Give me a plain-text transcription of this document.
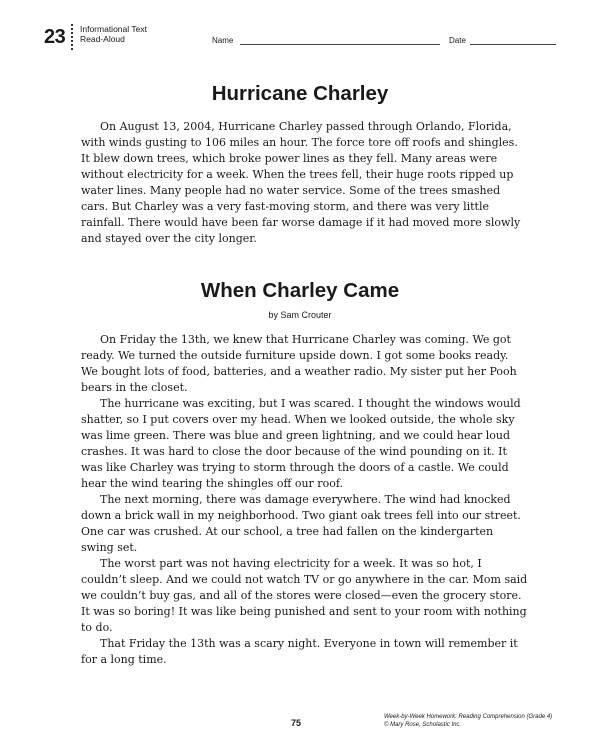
23 Informational Text
Read-Aloud	Name	Date
Hurricane Charley

On August 13, 2004, Hurricane Charley passed through Orlando, Florida, with winds gusting to 106 miles an hour. The force tore off roofs and shingles. It blew down trees, which broke power lines as they fell. Many areas were without electricity for a week. When the trees fell, their huge roots ripped up water lines. Many people had no water service. Some of the trees smashed cars. But Charley was a very fast-moving storm, and there was very little rainfall. There would have been far worse damage if it had moved more slowly and stayed over the city longer.

When Charley Came
by Sam Crouter

On Friday the 13th, we knew that Hurricane Charley was coming. We got ready. We turned the outside furniture upside down. I got some books ready. We bought lots of food, batteries, and a weather radio. My sister put her Pooh bears in the closet.

The hurricane was exciting, but I was scared. I thought the windows would shatter, so I put covers over my head. When we looked outside, the whole sky was lime green. There was blue and green lightning, and we could hear loud crashes. It was hard to close the door because of the wind pounding on it. It was like Charley was trying to storm through the doors of a castle. We could hear the wind tearing the shingles off our roof.

The next morning, there was damage everywhere. The wind had knocked down a brick wall in my neighborhood. Two giant oak trees fell into our street. One car was crushed. At our school, a tree had fallen on the kindergarten swing set.

The worst part was not having electricity for a week. It was so hot, I couldn’t sleep. And we could not watch TV or go anywhere in the car. Mom said we couldn’t buy gas, and all of the stores were closed—even the grocery store. It was so boring! It was like being punished and sent to your room with nothing to do.

That Friday the 13th was a scary night. Everyone in town will remember it for a long time.

75
Week-by-Week Homework: Reading Comprehension (Grade 4)
© Mary Rose, Scholastic Inc.
